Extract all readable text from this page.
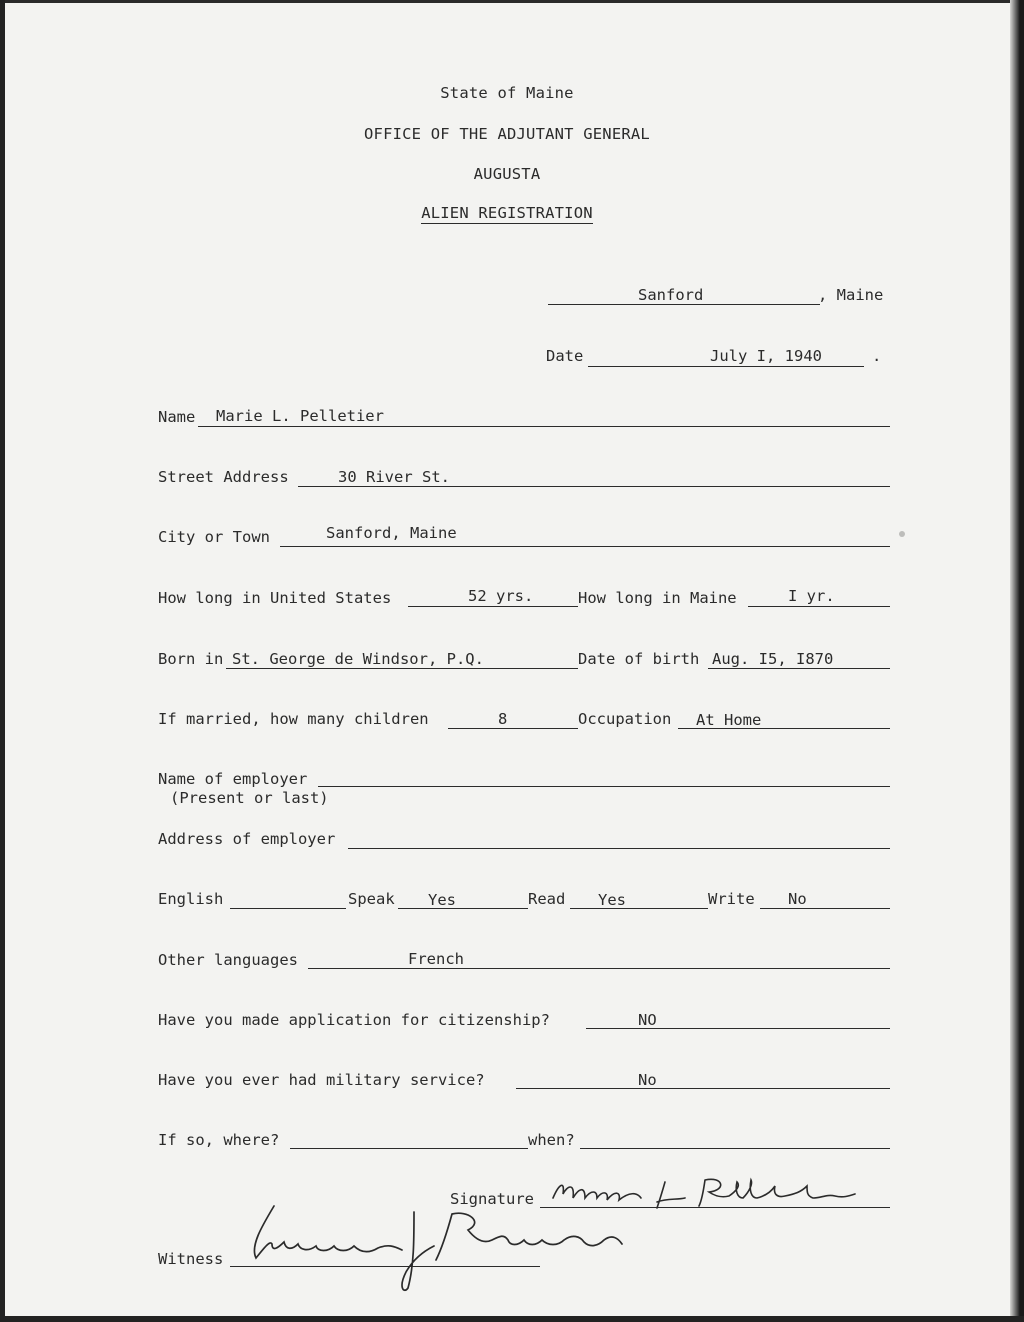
State of Maine
OFFICE OF THE ADJUTANT GENERAL
AUGUSTA
ALIEN REGISTRATION
Sanford	, Maine
Date	July I, 1940	.
Name Marie L. Pelletier
Street Address	30 River St.
City or Town	Sanford, Maine
How long in United States	52 yrs.	How long in Maine	I yr.
Born in St. George de Windsor, P.Q.	Date of birth Aug. I5, I870
If married, how many children	8	Occupation At Home
Name of employer
(Present or last)
Address of employer
English	Speak Yes	Read Yes	Write No
Other languages	French
Have you made application for citizenship?	NO
Have you ever had military service?	No
If so, where?	when?
Signature
Witness
